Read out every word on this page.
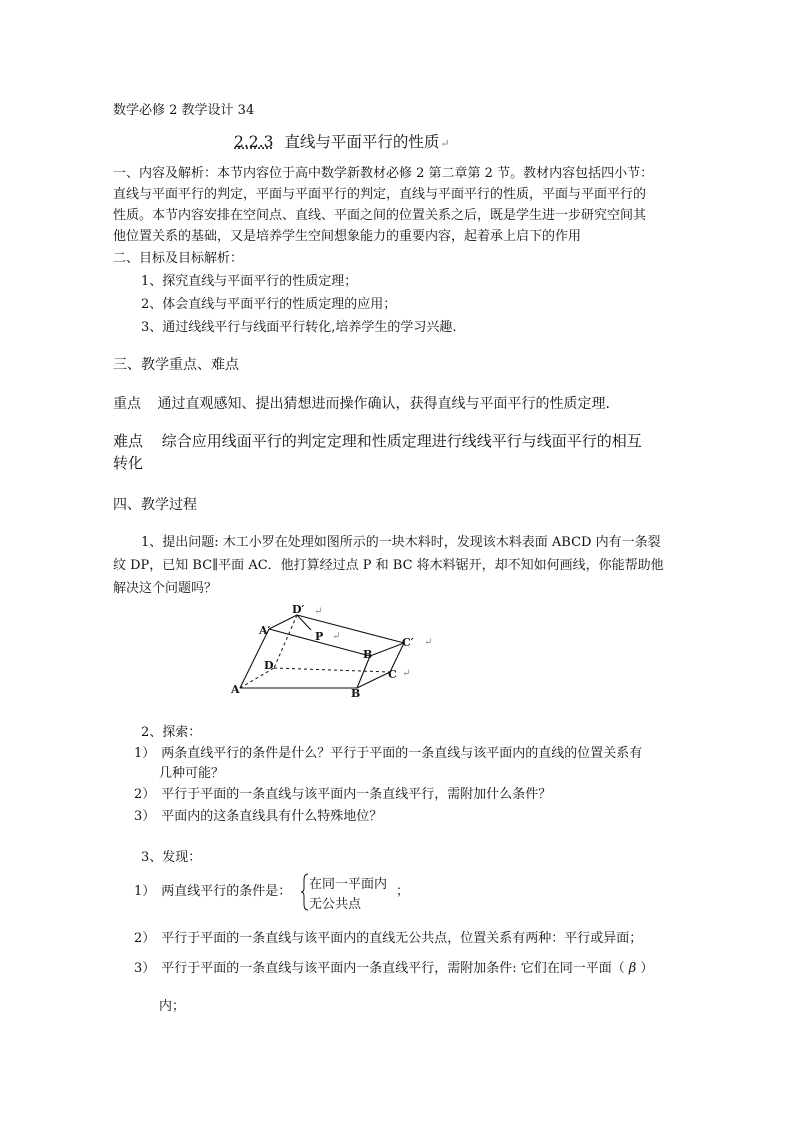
数学必修 2 教学设计 34
2.2.3 直线与平面平行的性质↵
一、内容及解析：本节内容位于高中数学新教材必修 2 第二章第 2 节。教材内容包括四小节：
直线与平面平行的判定，平面与平面平行的判定，直线与平面平行的性质，平面与平面平行的
性质。本节内容安排在空间点、直线、平面之间的位置关系之后，既是学生进一步研究空间其
他位置关系的基础，又是培养学生空间想象能力的重要内容，起着承上启下的作用
二、目标及目标解析：
1、探究直线与平面平行的性质定理；
2、体会直线与平面平行的性质定理的应用；
3、通过线线平行与线面平行转化,培养学生的学习兴趣.
三、教学重点、难点
重点 通过直观感知、提出猜想进而操作确认，获得直线与平面平行的性质定理．
难点 综合应用线面平行的判定定理和性质定理进行线线平行与线面平行的相互
转化
四、教学过程
1、提出问题: 木工小罗在处理如图所示的一块木料时，发现该木料表面 ABCD 内有一条裂
纹 DP，已知 BC∥平面 AC．他打算经过点 P 和 BC 将木料锯开，却不知如何画线，你能帮助他
解决这个问题吗？
D′
A′	P	C′
B
D
C
A	B
↵
↵
↵
↵
2、探索：
1） 两条直线平行的条件是什么？平行于平面的一条直线与该平面内的直线的位置关系有
几种可能？
2） 平行于平面的一条直线与该平面内一条直线平行，需附加什么条件？
3） 平面内的这条直线具有什么特殊地位？
3、发现：
1） 两直线平行的条件是： 在同一平面内
无公共点
；
2） 平行于平面的一条直线与该平面内的直线无公共点，位置关系有两种：平行或异面；
3） 平行于平面的一条直线与该平面内一条直线平行，需附加条件: 它们在同一平面（ β ）
内；
